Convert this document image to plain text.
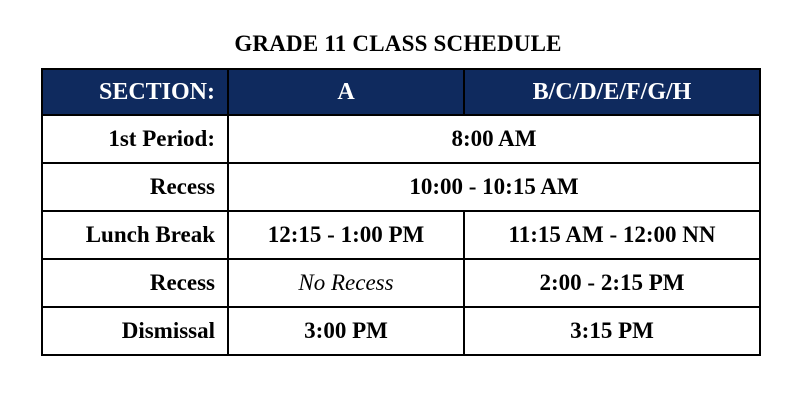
GRADE 11 CLASS SCHEDULE
SECTION:	A	B/C/D/E/F/G/H
1st Period:	8:00 AM	
Recess	10:00 - 10:15 AM	
Lunch Break	12:15 - 1:00 PM	11:15 AM - 12:00 NN
Recess	No Recess	2:00 - 2:15 PM
Dismissal	3:00 PM	3:15 PM
